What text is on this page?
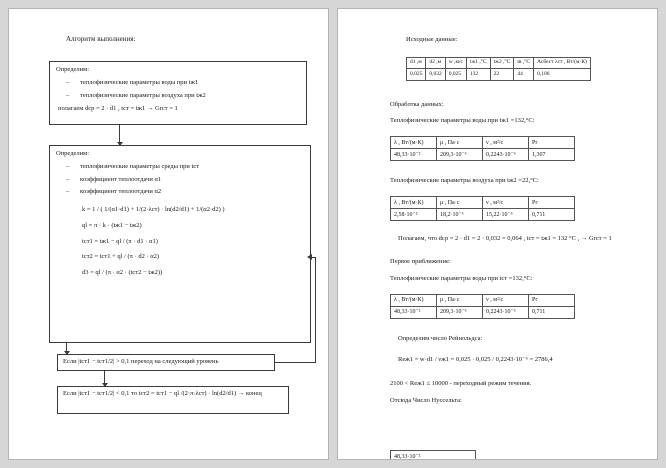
Алгоритм выполнения:
Определим:
–	теплофизические параметры воды при tж1
–	теплофизические параметры воздуха при tж2
полагаем dср = 2 · d1 , tст = tж1 → Grст = 1
Определим:
–	теплофизические параметры среды при tст
–	коэффициент теплоотдачи α1
–	коэффициент теплоотдачи α2
k = 1 / ( 1/(α1·d1) + 1/(2·λст) · ln(d2/d1) + 1/(α2·d2) )
ql = π · k · (tж1 − tж2)
tст1 = tж1 − ql / (π · d1 · α1)
tст2 = tст1 + ql / (π · d2 · α2)
d3 = ql / (π · α2 · (tст2 − tж2))
Если |tст1 − tст1/2| > 0,1 переход на следующий уровень
Если |tст1 − tст1/2| < 0,1 то tст2 = tст1 − ql /(2·π·λст) · ln(d2/d1) → конец
Исходные данные:
d1 ,м	d2 ,м	w ,м/с	tж1 ,°С	tж2 ,°С	tв ,°С	Асбест λст , Вт/(м·К)
0,025	0,032	0,025	132	22	44	0,106
Обработка данных:
Теплофизические параметры воды при tж1 =132,°С:
λ , Вт/(м·К)	μ , Па·с	ν , м²/с	Pr
48,33·10⁻²	209,3·10⁻⁶	0,2243·10⁻⁶	1,307
Теплофизические параметры воздуха при tж2 =22,°С:
λ , Вт/(м·К)	μ , Па·с	ν , м²/с	Pr
2,58·10⁻²	18,2·10⁻⁶	15,22·10⁻⁶	0,711
Полагаем, что dср = 2 · d1 = 2 · 0,032 = 0,064 , tст = tж1 = 132 °С , → Grст = 1
Первое приближение:
Теплофизические параметры воды при tст =132,°С:
λ , Вт/(м·К)	μ , Па·с	ν , м²/с	Pr
48,33·10⁻²	209,3·10⁻⁶	0,2243·10⁻⁶	0,711
Определим число Рейнольдса:
Reж1 = w·d1 / νж1 = 0,025 · 0,025 / 0,2243·10⁻⁶ = 2786,4
2100 < Reж1 ≤ 10000 - переходный режим течения.
Отсюда Число Нуссельта:
48,33·10⁻²
